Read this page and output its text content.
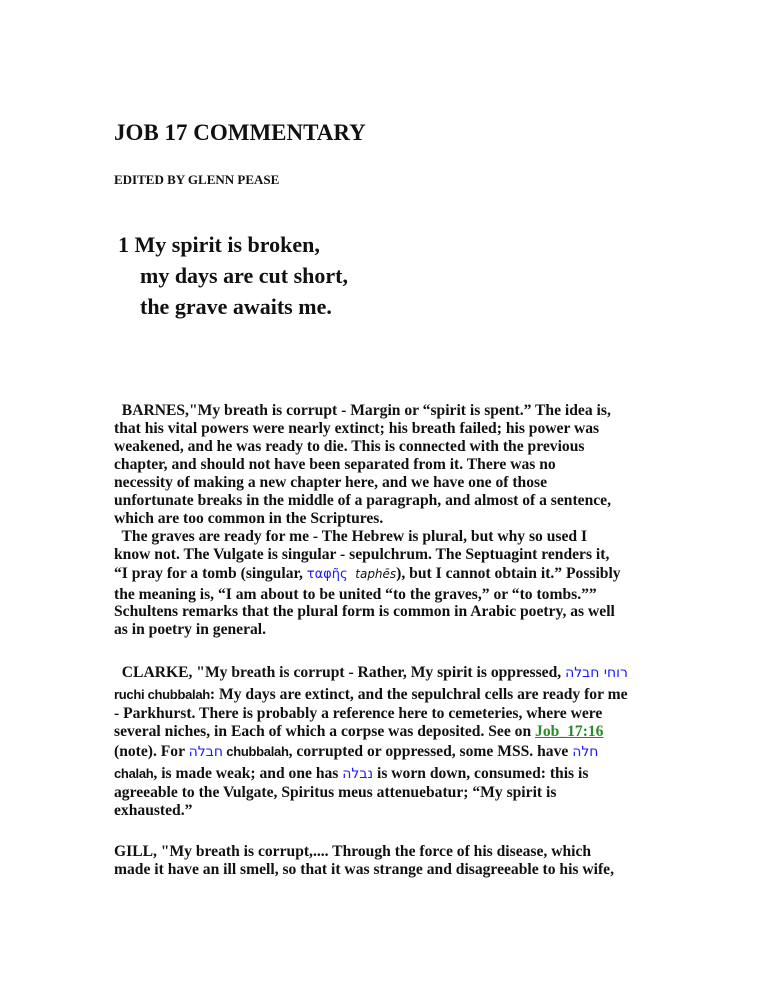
JOB 17 COMMENTARY
EDITED BY GLENN PEASE
1 My spirit is broken,
my days are cut short,
the grave awaits me.
BARNES,"My breath is corrupt - Margin or “spirit is spent.” The idea is,
that his vital powers were nearly extinct; his breath failed; his power was
weakened, and he was ready to die. This is connected with the previous
chapter, and should not have been separated from it. There was no
necessity of making a new chapter here, and we have one of those
unfortunate breaks in the middle of a paragraph, and almost of a sentence,
which are too common in the Scriptures.
The graves are ready for me - The Hebrew is plural, but why so used I
know not. The Vulgate is singular - sepulchrum. The Septuagint renders it,
“I pray for a tomb (singular, ταφῆς  taphēs), but I cannot obtain it.” Possibly
the meaning is, “I am about to be united “to the graves,” or “to tombs.””
Schultens remarks that the plural form is common in Arabic poetry, as well
as in poetry in general.
CLARKE, "My breath is corrupt - Rather, My spirit is oppressed, רוחי חבלה
ruchi chubbalah: My days are extinct, and the sepulchral cells are ready for me
- Parkhurst. There is probably a reference here to cemeteries, where were
several niches, in Each of which a corpse was deposited. See on Job_17:16
(note). For חבלה chubbalah, corrupted or oppressed, some MSS. have חלה
chalah, is made weak; and one has נבלה is worn down, consumed: this is
agreeable to the Vulgate, Spiritus meus attenuebatur; “My spirit is
exhausted.”
GILL, "My breath is corrupt,.... Through the force of his disease, which
made it have an ill smell, so that it was strange and disagreeable to his wife,
